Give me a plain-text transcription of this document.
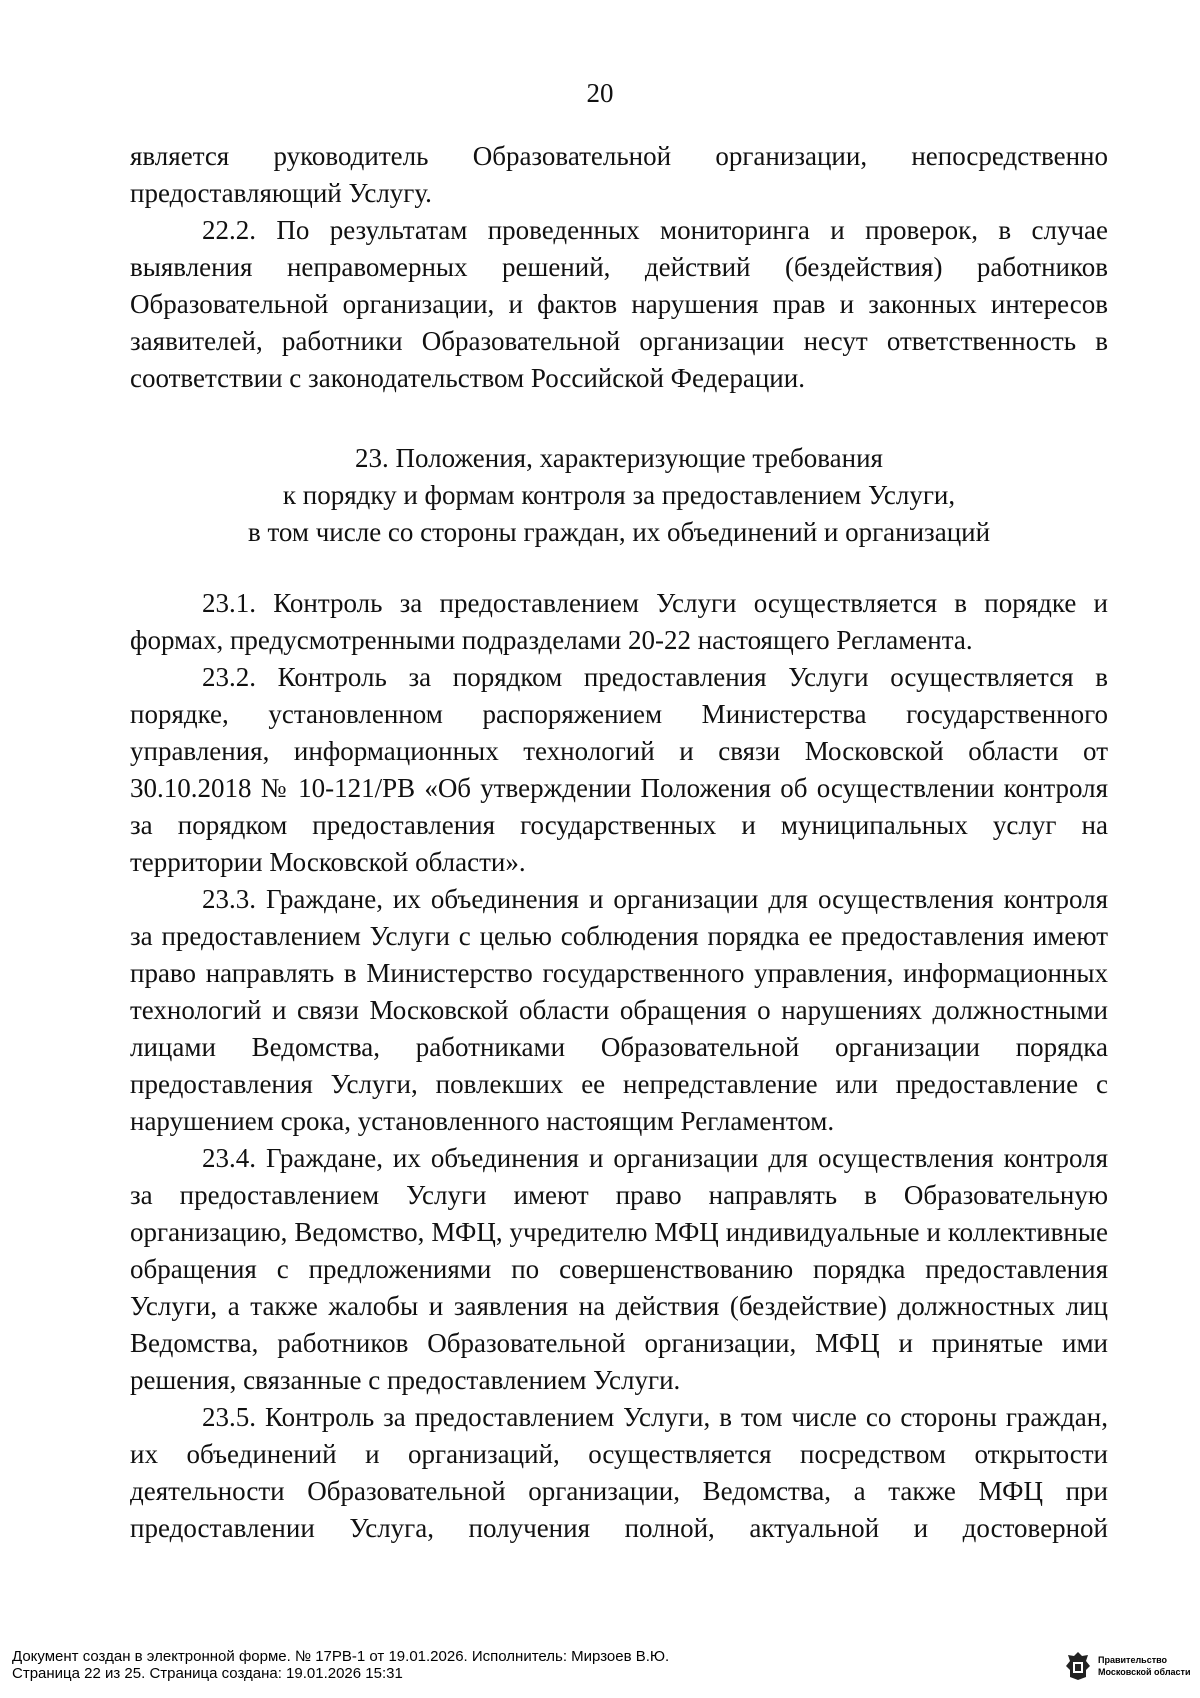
20

является руководитель Образовательной организации, непосредственно предоставляющий Услугу.

22.2. По результатам проведенных мониторинга и проверок, в случае выявления неправомерных решений, действий (бездействия) работников Образовательной организации, и фактов нарушения прав и законных интересов заявителей, работники Образовательной организации несут ответственность в соответствии с законодательством Российской Федерации.

23. Положения, характеризующие требования
к порядку и формам контроля за предоставлением Услуги,
в том числе со стороны граждан, их объединений и организаций

23.1. Контроль за предоставлением Услуги осуществляется в порядке и формах, предусмотренными подразделами 20-22 настоящего Регламента.

23.2. Контроль за порядком предоставления Услуги осуществляется в порядке, установленном распоряжением Министерства государственного управления, информационных технологий и связи Московской области от 30.10.2018 № 10-121/РВ «Об утверждении Положения об осуществлении контроля за порядком предоставления государственных и муниципальных услуг на территории Московской области».

23.3. Граждане, их объединения и организации для осуществления контроля за предоставлением Услуги с целью соблюдения порядка ее предоставления имеют право направлять в Министерство государственного управления, информационных технологий и связи Московской области обращения о нарушениях должностными лицами Ведомства, работниками Образовательной организации порядка предоставления Услуги, повлекших ее непредставление или предоставление с нарушением срока, установленного настоящим Регламентом.

23.4. Граждане, их объединения и организации для осуществления контроля за предоставлением Услуги имеют право направлять в Образовательную организацию, Ведомство, МФЦ, учредителю МФЦ индивидуальные и коллективные обращения с предложениями по совершенствованию порядка предоставления Услуги, а также жалобы и заявления на действия (бездействие) должностных лиц Ведомства, работников Образовательной организации, МФЦ и принятые ими решения, связанные с предоставлением Услуги.

23.5. Контроль за предоставлением Услуги, в том числе со стороны граждан, их объединений и организаций, осуществляется посредством открытости деятельности Образовательной организации, Ведомства, а также МФЦ при предоставлении Услуга, получения полной, актуальной и достоверной

Документ создан в электронной форме. № 17РВ-1 от 19.01.2026. Исполнитель: Мирзоев В.Ю.
Страница 22 из 25. Страница создана: 19.01.2026 15:31
Правительство
Московской области
